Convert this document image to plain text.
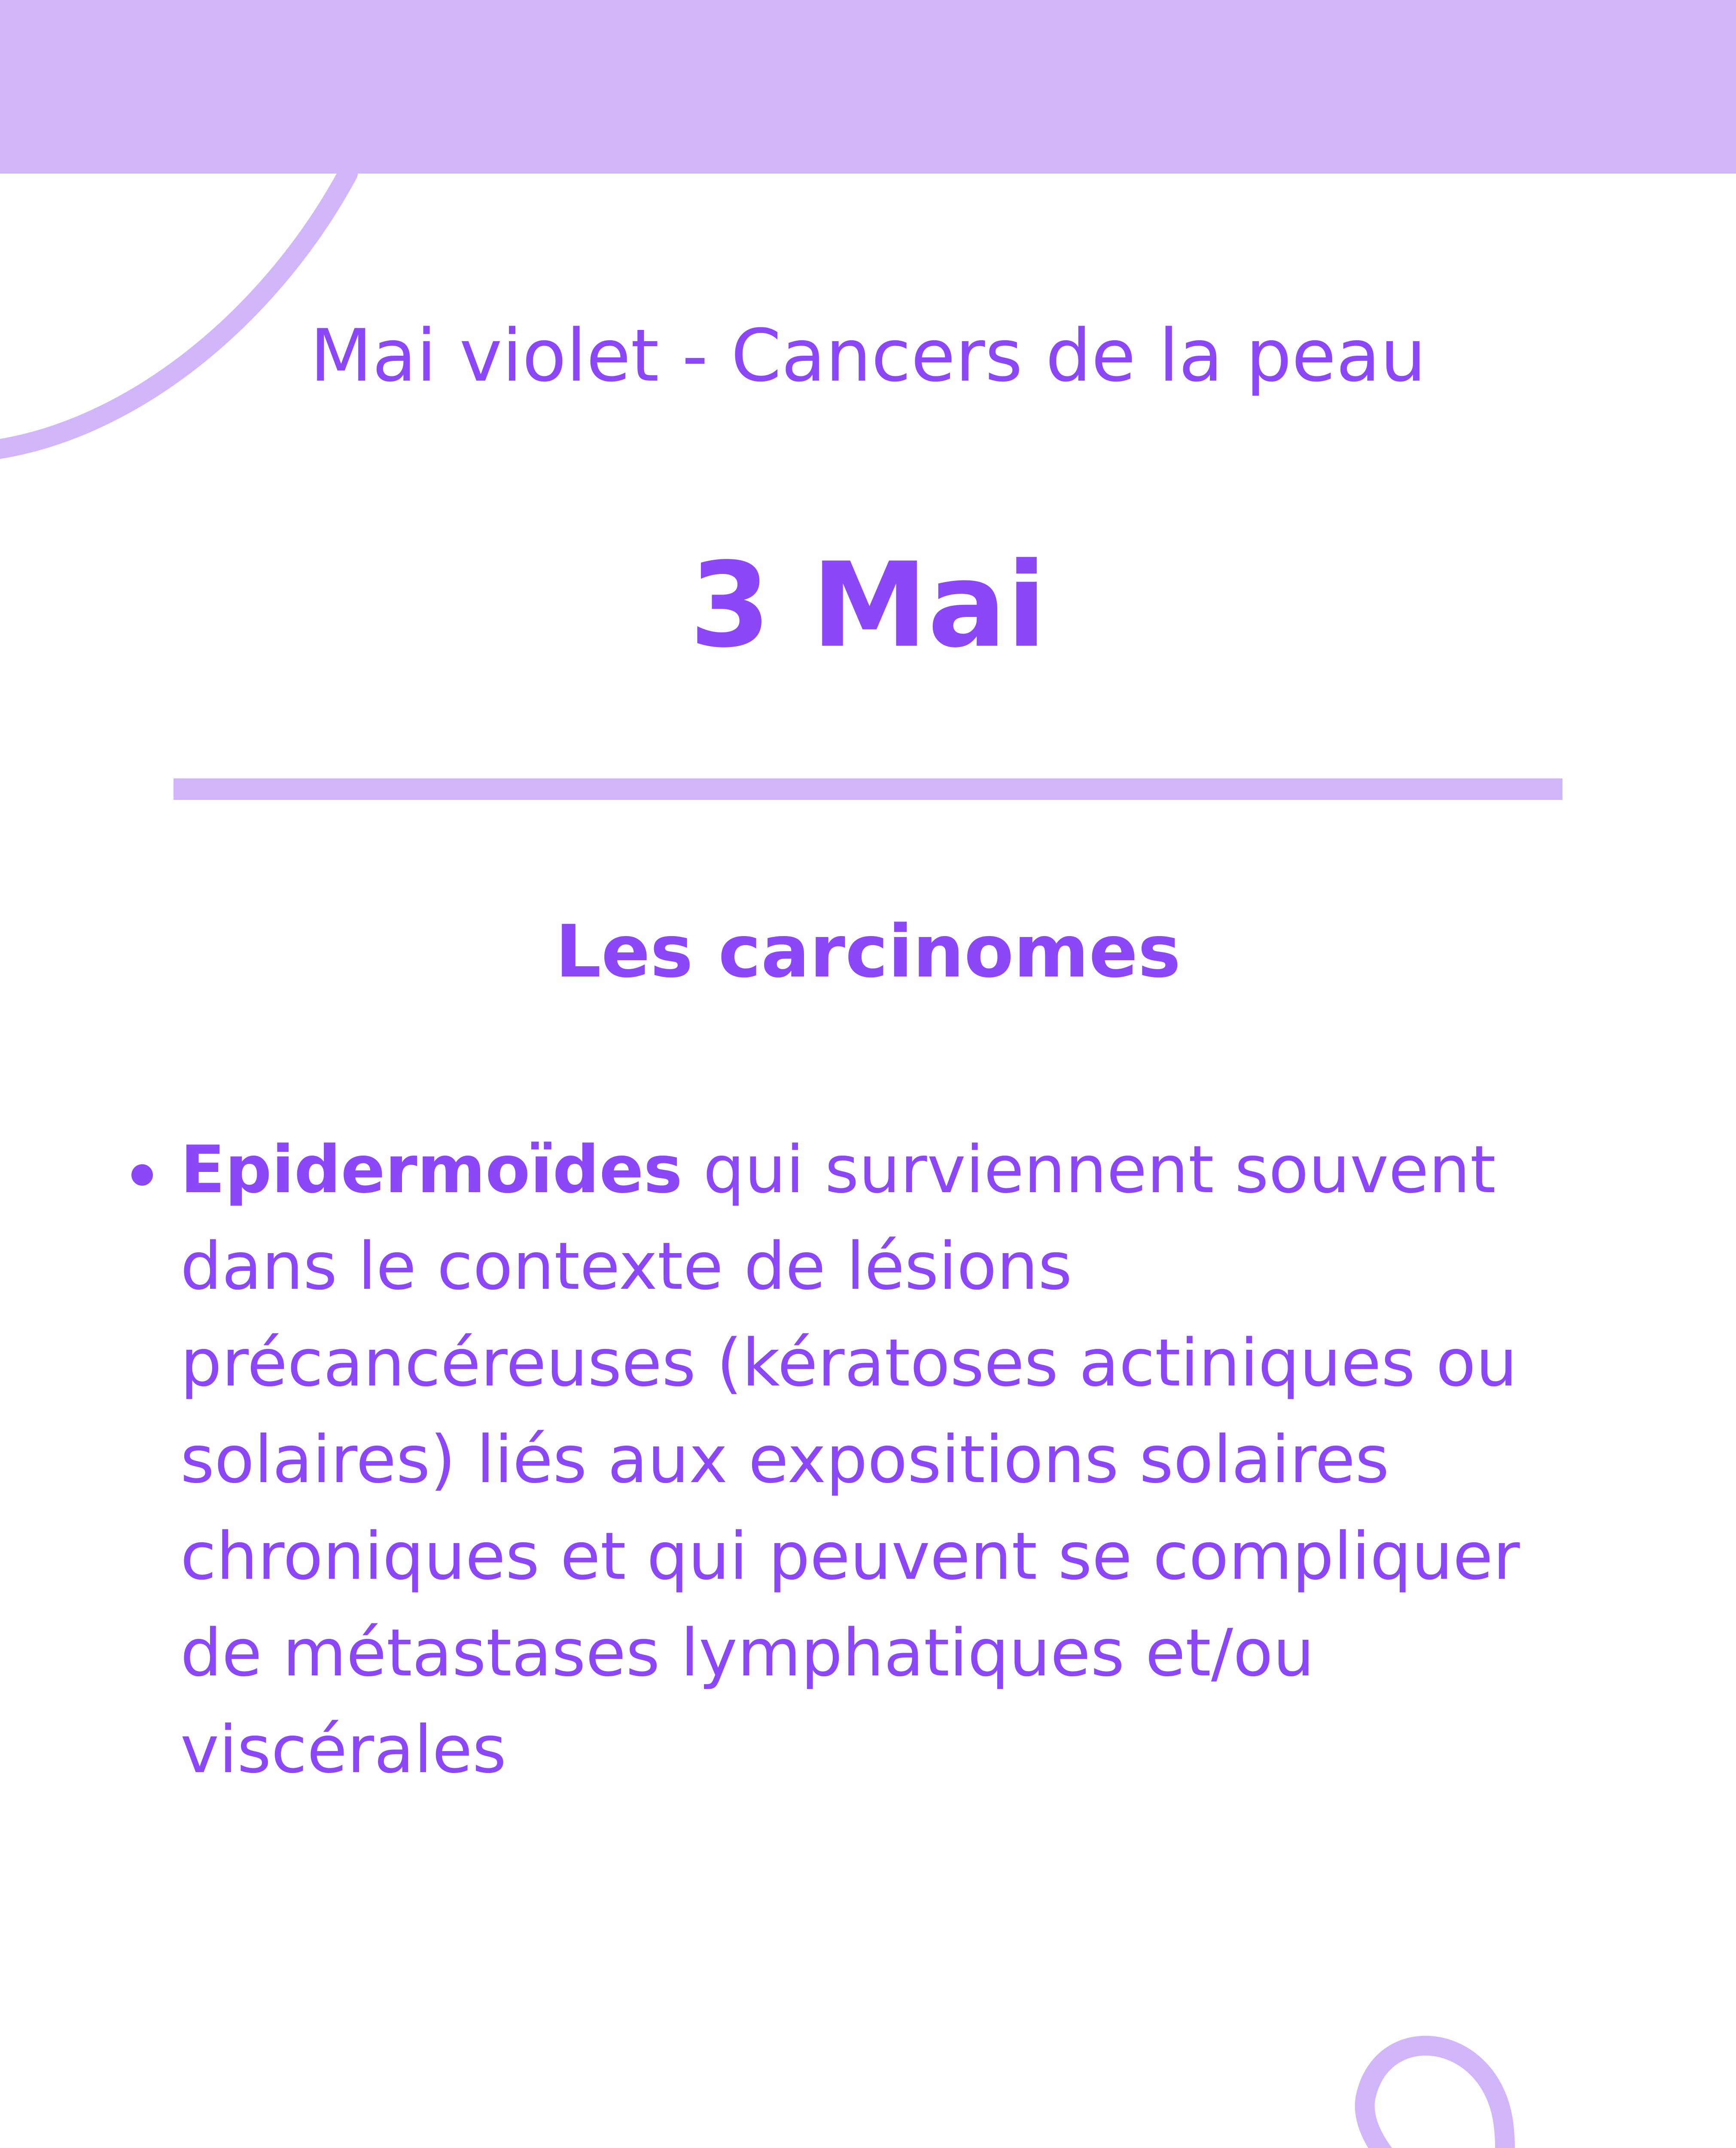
Mai violet - Cancers de la peau
3 Mai
Les carcinomes
Epidermoïdes qui surviennent souvent
dans le contexte de lésions
précancéreuses (kératoses actiniques ou
solaires) liés aux expositions solaires
chroniques et qui peuvent se compliquer
de métastases lymphatiques et/ou
viscérales
